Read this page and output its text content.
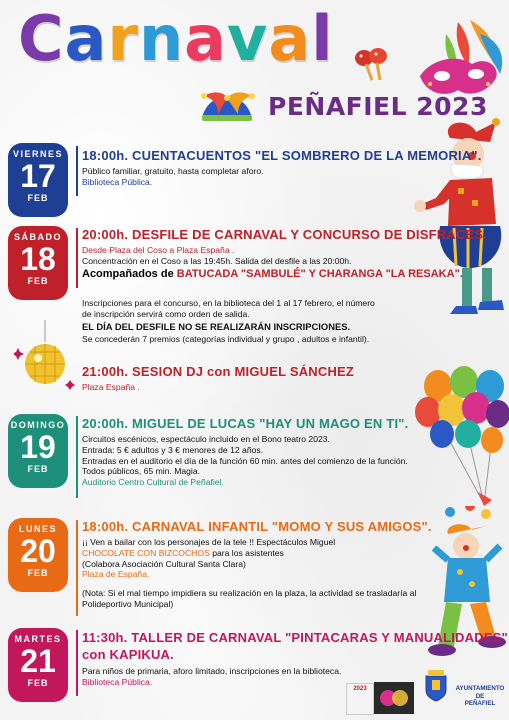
Carnaval
PEÑAFIEL 2023
VIERNES
17
FEB
18:00h. CUENTACUENTOS "EL SOMBRERO DE LA MEMORIA".
Público familiar, gratuito, hasta completar aforo.
Biblioteca Pública.
SÁBADO
18
FEB
20:00h. DESFILE DE CARNAVAL Y CONCURSO DE DISFRACES.
Desde Plaza del Coso a Plaza España .
Concentración en el Coso a las 19:45h. Salida del desfile a las 20:00h.
Acompañados de BATUCADA "SAMBULÉ" Y CHARANGA "LA RESAKA".
Inscripciones para el concurso, en la biblioteca del 1 al 17 febrero, el número
de inscripción servirá como orden de salida.
EL DÍA DEL DESFILE NO SE REALIZARÁN INSCRIPCIONES.
Se concederán 7 premios (categorías individual y grupo , adultos e infantil).
21:00h. SESION DJ con MIGUEL SÁNCHEZ
Plaza España .
DOMINGO
19
FEB
20:00h. MIGUEL DE LUCAS "HAY UN MAGO EN TI".
Circuitos escénicos, espectáculo incluido en el Bono teatro 2023.
Entrada: 5 € adultos y 3 € menores de 12 años.
Entradas en el auditorio el día de la función 60 min. antes del comienzo de la función.
Todos públicos, 65 min. Magia.
Auditorio Centro Cultural de Peñafiel.
LUNES
20
FEB
18:00h. CARNAVAL INFANTIL "MOMO Y SUS AMIGOS".
¡¡ Ven a bailar con los personajes de la tele !! Espectáculos Miguel
CHOCOLATE CON BIZCOCHOS para los asistentes
(Colabora Asociación Cultural Santa Clara)
Plaza de España.
(Nota: Si el mal tiempo impidiera su realización en la plaza, la actividad se trasladaría al
Polideportivo Municipal)
MARTES
21
FEB
11:30h. TALLER DE CARNAVAL "PINTACARAS Y MANUALIDADES"
con KAPIKUA.
Para niños de primaria, aforo limitado, inscripciones en la biblioteca.
Biblioteca Pública.
2023	AYUNTAMIENTO
DE
PEÑAFIEL
